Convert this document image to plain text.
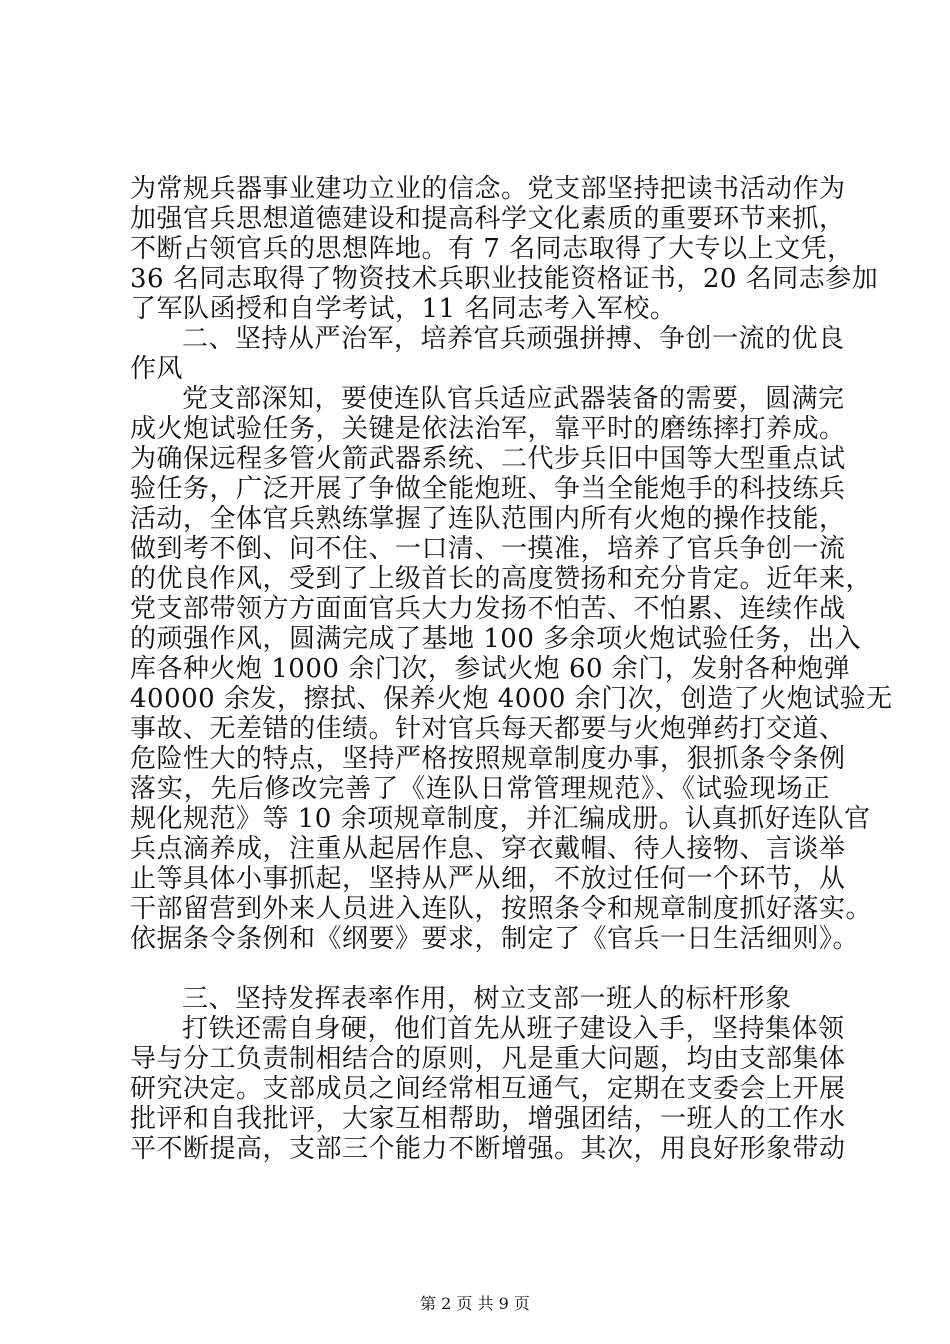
为常规兵器事业建功立业的信念。党支部坚持把读书活动作为
加强官兵思想道德建设和提高科学文化素质的重要环节来抓，
不断占领官兵的思想阵地。有 7 名同志取得了大专以上文凭，
36 名同志取得了物资技术兵职业技能资格证书，20 名同志参加
了军队函授和自学考试，11 名同志考入军校。
二、坚持从严治军，培养官兵顽强拼搏、争创一流的优良
作风
党支部深知，要使连队官兵适应武器装备的需要，圆满完
成火炮试验任务，关键是依法治军，靠平时的磨练摔打养成。
为确保远程多管火箭武器系统、二代步兵旧中国等大型重点试
验任务，广泛开展了争做全能炮班、争当全能炮手的科技练兵
活动，全体官兵熟练掌握了连队范围内所有火炮的操作技能，
做到考不倒、问不住、一口清、一摸准，培养了官兵争创一流
的优良作风，受到了上级首长的高度赞扬和充分肯定。近年来，
党支部带领方方面面官兵大力发扬不怕苦、不怕累、连续作战
的顽强作风，圆满完成了基地 100 多余项火炮试验任务，出入
库各种火炮 1000 余门次，参试火炮 60 余门，发射各种炮弹
40000 余发，擦拭、保养火炮 4000 余门次，创造了火炮试验无
事故、无差错的佳绩。针对官兵每天都要与火炮弹药打交道、
危险性大的特点，坚持严格按照规章制度办事，狠抓条令条例
落实，先后修改完善了《连队日常管理规范》、《试验现场正
规化规范》等 10 余项规章制度，并汇编成册。认真抓好连队官
兵点滴养成，注重从起居作息、穿衣戴帽、待人接物、言谈举
止等具体小事抓起，坚持从严从细，不放过任何一个环节，从
干部留营到外来人员进入连队，按照条令和规章制度抓好落实。
依据条令条例和《纲要》要求，制定了《官兵一日生活细则》。
三、坚持发挥表率作用，树立支部一班人的标杆形象
打铁还需自身硬，他们首先从班子建设入手，坚持集体领
导与分工负责制相结合的原则，凡是重大问题，均由支部集体
研究决定。支部成员之间经常相互通气，定期在支委会上开展
批评和自我批评，大家互相帮助，增强团结，一班人的工作水
平不断提高，支部三个能力不断增强。其次，用良好形象带动
第 2 页 共 9 页
